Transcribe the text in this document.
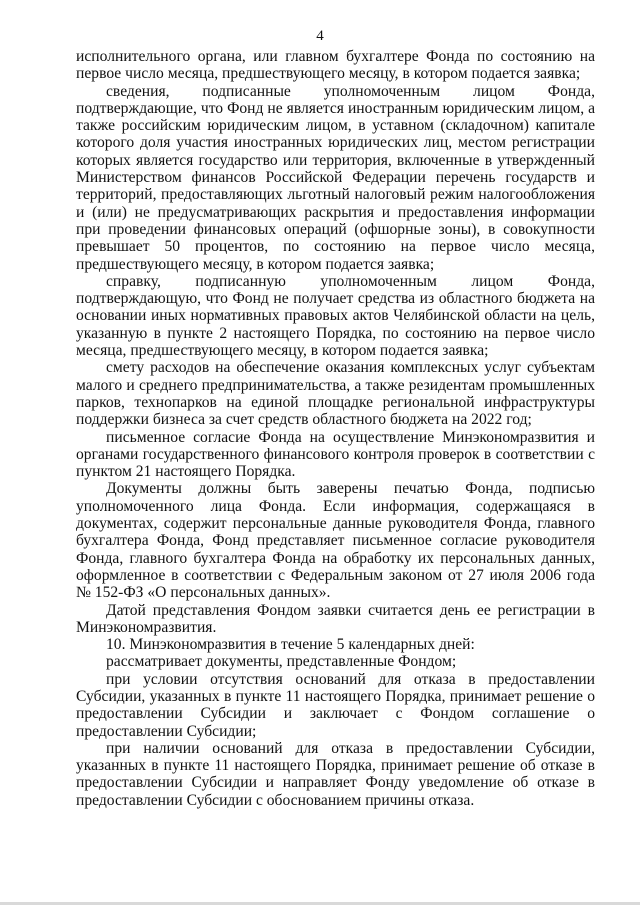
4

исполнительного органа, или главном бухгалтере Фонда по состоянию на первое число месяца, предшествующего месяцу, в котором подается заявка;

сведения, подписанные уполномоченным лицом Фонда, подтверждающие, что Фонд не является иностранным юридическим лицом, а также российским юридическим лицом, в уставном (складочном) капитале которого доля участия иностранных юридических лиц, местом регистрации которых является государство или территория, включенные в утвержденный Министерством финансов Российской Федерации перечень государств и территорий, предоставляющих льготный налоговый режим налогообложения и (или) не предусматривающих раскрытия и предоставления информации при проведении финансовых операций (офшорные зоны), в совокупности превышает 50 процентов, по состоянию на первое число месяца, предшествующего месяцу, в котором подается заявка;

справку, подписанную уполномоченным лицом Фонда, подтверждающую, что Фонд не получает средства из областного бюджета на основании иных нормативных правовых актов Челябинской области на цель, указанную в пункте 2 настоящего Порядка, по состоянию на первое число месяца, предшествующего месяцу, в котором подается заявка;

смету расходов на обеспечение оказания комплексных услуг субъектам малого и среднего предпринимательства, а также резидентам промышленных парков, технопарков на единой площадке региональной инфраструктуры поддержки бизнеса за счет средств областного бюджета на 2022 год;

письменное согласие Фонда на осуществление Минэкономразвития и органами государственного финансового контроля проверок в соответствии с пунктом 21 настоящего Порядка.

Документы должны быть заверены печатью Фонда, подписью уполномоченного лица Фонда. Если информация, содержащаяся в документах, содержит персональные данные руководителя Фонда, главного бухгалтера Фонда, Фонд представляет письменное согласие руководителя Фонда, главного бухгалтера Фонда на обработку их персональных данных, оформленное в соответствии с Федеральным законом от 27 июля 2006 года № 152-ФЗ «О персональных данных».

Датой представления Фондом заявки считается день ее регистрации в Минэкономразвития.

10. Минэкономразвития в течение 5 календарных дней:

рассматривает документы, представленные Фондом;

при условии отсутствия оснований для отказа в предоставлении Субсидии, указанных в пункте 11 настоящего Порядка, принимает решение о предоставлении Субсидии и заключает с Фондом соглашение о предоставлении Субсидии;

при наличии оснований для отказа в предоставлении Субсидии, указанных в пункте 11 настоящего Порядка, принимает решение об отказе в предоставлении Субсидии и направляет Фонду уведомление об отказе в предоставлении Субсидии с обоснованием причины отказа.
